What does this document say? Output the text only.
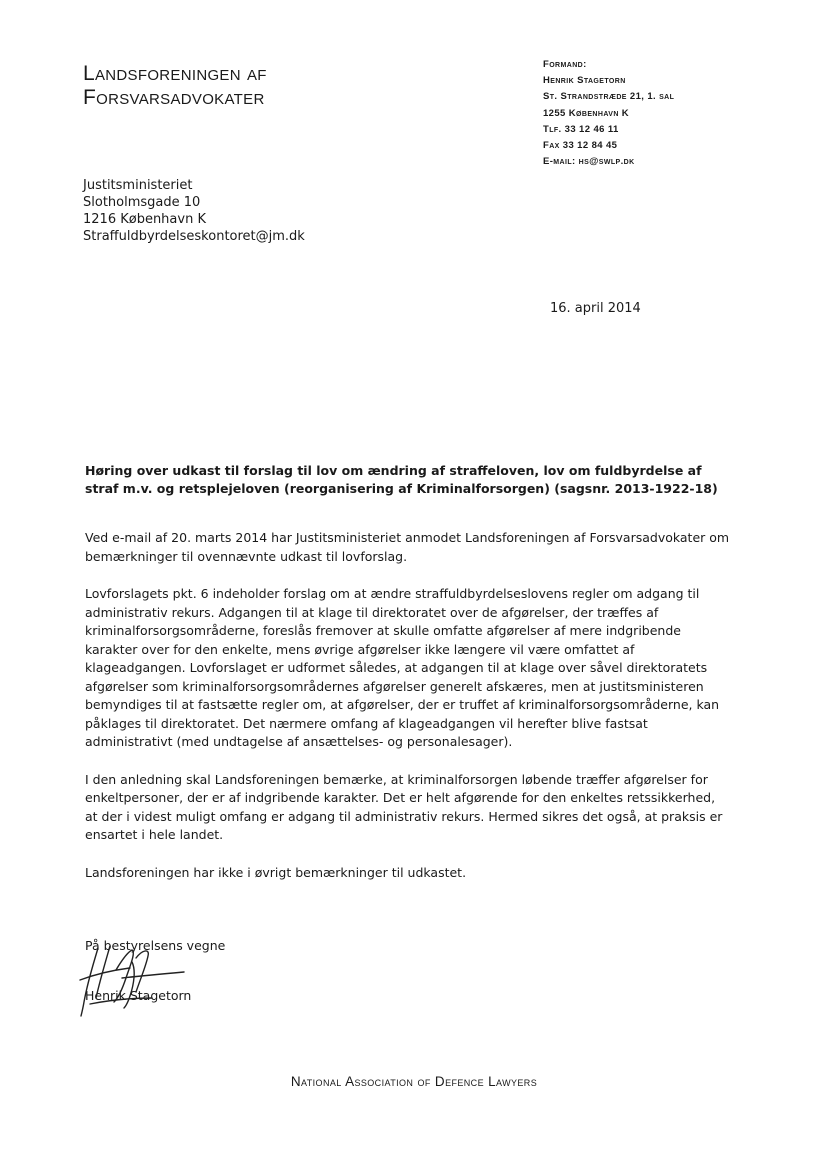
Landsforeningen af
Forsvarsadvokater
Formand:
Henrik Stagetorn
St. Strandstræde 21, 1. sal
1255 København K
Tlf. 33 12 46 11
Fax 33 12 84 45
E-mail: hs@swlp.dk
Justitsministeriet
Slotholmsgade 10
1216 København K
Straffuldbyrdelseskontoret@jm.dk
16. april 2014
Høring over udkast til forslag til lov om ændring af straffeloven, lov om fuldbyrdelse af straf m.v. og retsplejeloven (reorganisering af Kriminalforsorgen) (sagsnr. 2013-1922-18)

Ved e-mail af 20. marts 2014 har Justitsministeriet anmodet Landsforeningen af Forsvarsadvokater om bemærkninger til ovennævnte udkast til lovforslag.

Lovforslagets pkt. 6 indeholder forslag om at ændre straffuldbyrdelseslovens regler om adgang til administrativ rekurs. Adgangen til at klage til direktoratet over de afgørelser, der træffes af kriminalforsorgsområderne, foreslås fremover at skulle omfatte afgørelser af mere indgribende karakter over for den enkelte, mens øvrige afgørelser ikke længere vil være omfattet af klageadgangen. Lovforslaget er udformet således, at adgangen til at klage over såvel direktoratets afgørelser som kriminalforsorgsområdernes afgørelser generelt afskæres, men at justitsministeren bemyndiges til at fastsætte regler om, at afgørelser, der er truffet af kriminalforsorgsområderne, kan påklages til direktoratet. Det nærmere omfang af klageadgangen vil herefter blive fastsat administrativt (med undtagelse af ansættelses- og personalesager).

I den anledning skal Landsforeningen bemærke, at kriminalforsorgen løbende træffer afgørelser for enkeltpersoner, der er af indgribende karakter. Det er helt afgørende for den enkeltes retssikkerhed, at der i videst muligt omfang er adgang til administrativ rekurs. Hermed sikres det også, at praksis er ensartet i hele landet.

Landsforeningen har ikke i øvrigt bemærkninger til udkastet.

På bestyrelsens vegne
Henrik Stagetorn
National Association of Defence Lawyers
